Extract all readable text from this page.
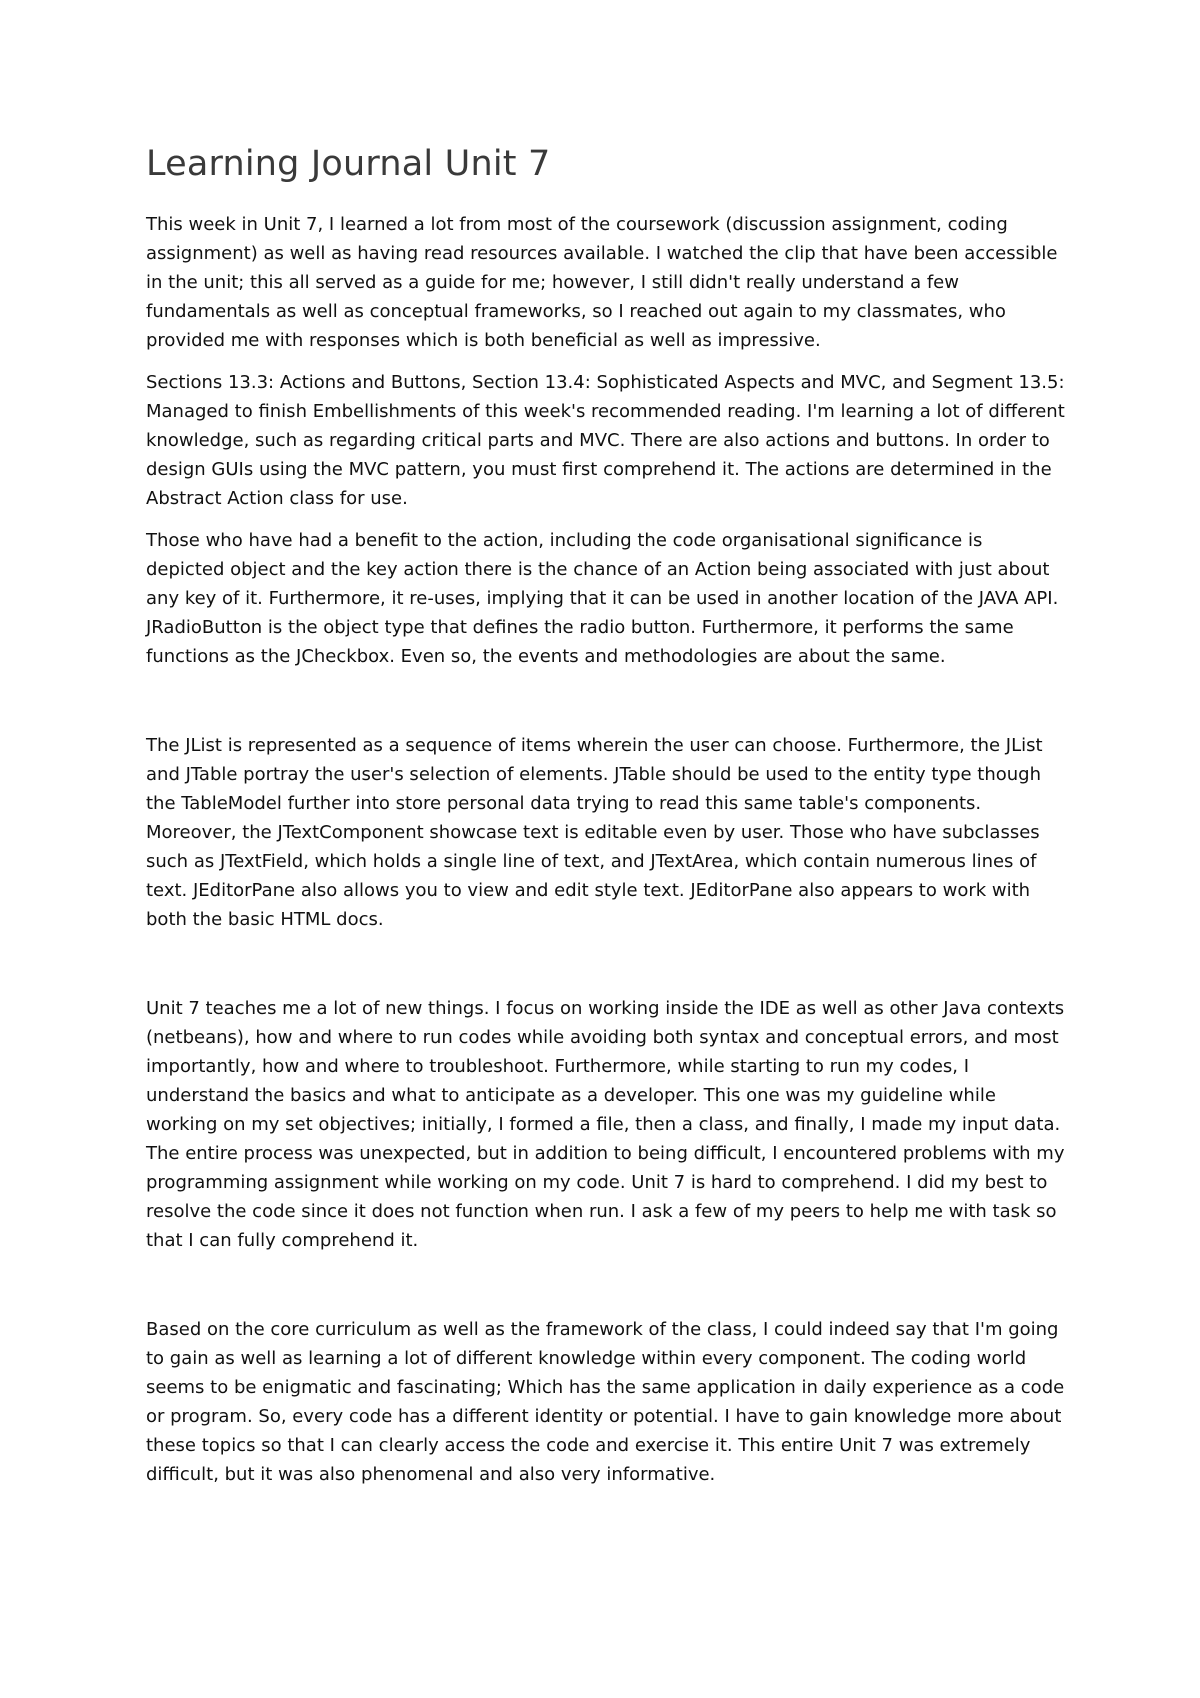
Learning Journal Unit 7

This week in Unit 7, I learned a lot from most of the coursework (discussion assignment, coding assignment) as well as having read resources available. I watched the clip that have been accessible in the unit; this all served as a guide for me; however, I still didn't really understand a few fundamentals as well as conceptual frameworks, so I reached out again to my classmates, who provided me with responses which is both beneficial as well as impressive.

Sections 13.3: Actions and Buttons, Section 13.4: Sophisticated Aspects and MVC, and Segment 13.5: Managed to finish Embellishments of this week's recommended reading. I'm learning a lot of different knowledge, such as regarding critical parts and MVC. There are also actions and buttons. In order to design GUIs using the MVC pattern, you must first comprehend it. The actions are determined in the Abstract Action class for use.

Those who have had a benefit to the action, including the code organisational significance is depicted object and the key action there is the chance of an Action being associated with just about any key of it. Furthermore, it re-uses, implying that it can be used in another location of the JAVA API. JRadioButton is the object type that defines the radio button. Furthermore, it performs the same functions as the JCheckbox. Even so, the events and methodologies are about the same.

The JList is represented as a sequence of items wherein the user can choose. Furthermore, the JList and JTable portray the user's selection of elements. JTable should be used to the entity type though the TableModel further into store personal data trying to read this same table's components. Moreover, the JTextComponent showcase text is editable even by user. Those who have subclasses such as JTextField, which holds a single line of text, and JTextArea, which contain numerous lines of text. JEditorPane also allows you to view and edit style text. JEditorPane also appears to work with both the basic HTML docs.

Unit 7 teaches me a lot of new things. I focus on working inside the IDE as well as other Java contexts (netbeans), how and where to run codes while avoiding both syntax and conceptual errors, and most importantly, how and where to troubleshoot. Furthermore, while starting to run my codes, I understand the basics and what to anticipate as a developer. This one was my guideline while working on my set objectives; initially, I formed a file, then a class, and finally, I made my input data. The entire process was unexpected, but in addition to being difficult, I encountered problems with my programming assignment while working on my code. Unit 7 is hard to comprehend. I did my best to resolve the code since it does not function when run. I ask a few of my peers to help me with task so that I can fully comprehend it.

Based on the core curriculum as well as the framework of the class, I could indeed say that I'm going to gain as well as learning a lot of different knowledge within every component. The coding world seems to be enigmatic and fascinating; Which has the same application in daily experience as a code or program. So, every code has a different identity or potential. I have to gain knowledge more about these topics so that I can clearly access the code and exercise it. This entire Unit 7 was extremely difficult, but it was also phenomenal and also very informative.
